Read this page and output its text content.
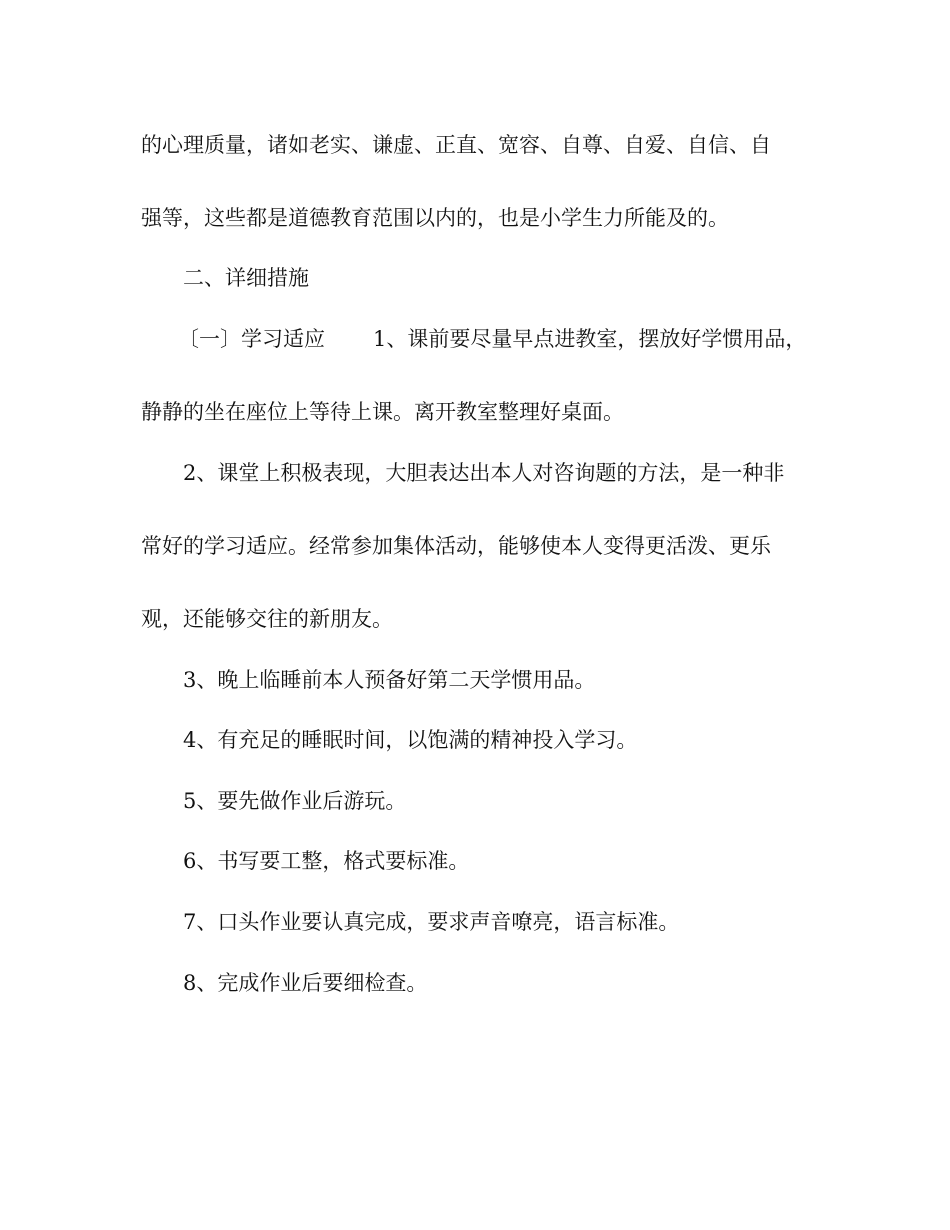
的心理质量，诸如老实、谦虚、正直、宽容、自尊、自爱、自信、自

强等，这些都是道德教育范围以内的，也是小学生力所能及的。

二、详细措施

〔一〕学习适应 1、课前要尽量早点进教室，摆放好学惯用品，

静静的坐在座位上等待上课。离开教室整理好桌面。

2、课堂上积极表现，大胆表达出本人对咨询题的方法，是一种非

常好的学习适应。经常参加集体活动，能够使本人变得更活泼、更乐

观，还能够交往的新朋友。

3、晚上临睡前本人预备好第二天学惯用品。

4、有充足的睡眠时间，以饱满的精神投入学习。

5、要先做作业后游玩。

6、书写要工整，格式要标准。

7、口头作业要认真完成，要求声音嘹亮，语言标准。

8、完成作业后要细检查。
